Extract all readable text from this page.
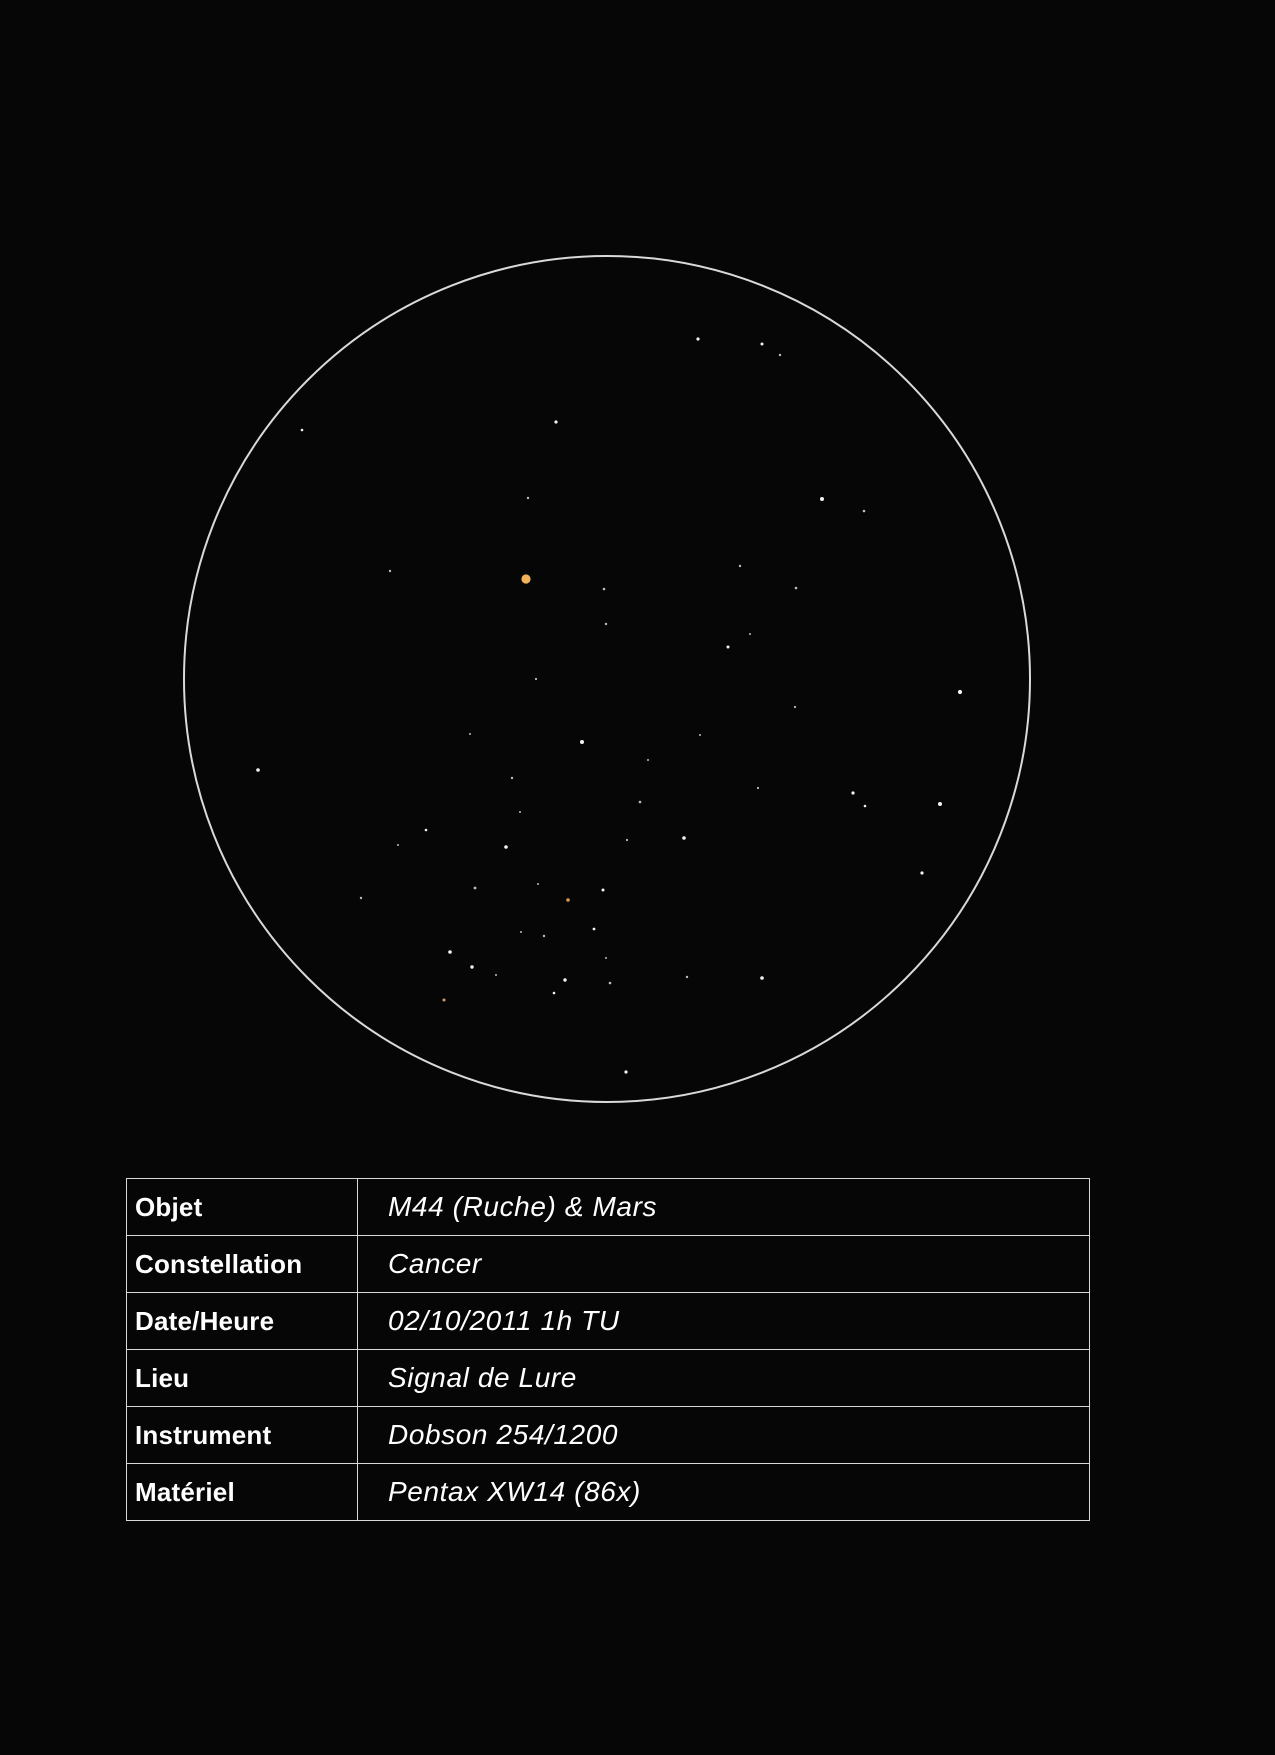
Objet	M44 (Ruche) & Mars
Constellation	Cancer
Date/Heure	02/10/2011 1h TU
Lieu	Signal de Lure
Instrument	Dobson 254/1200
Matériel	Pentax XW14 (86x)
